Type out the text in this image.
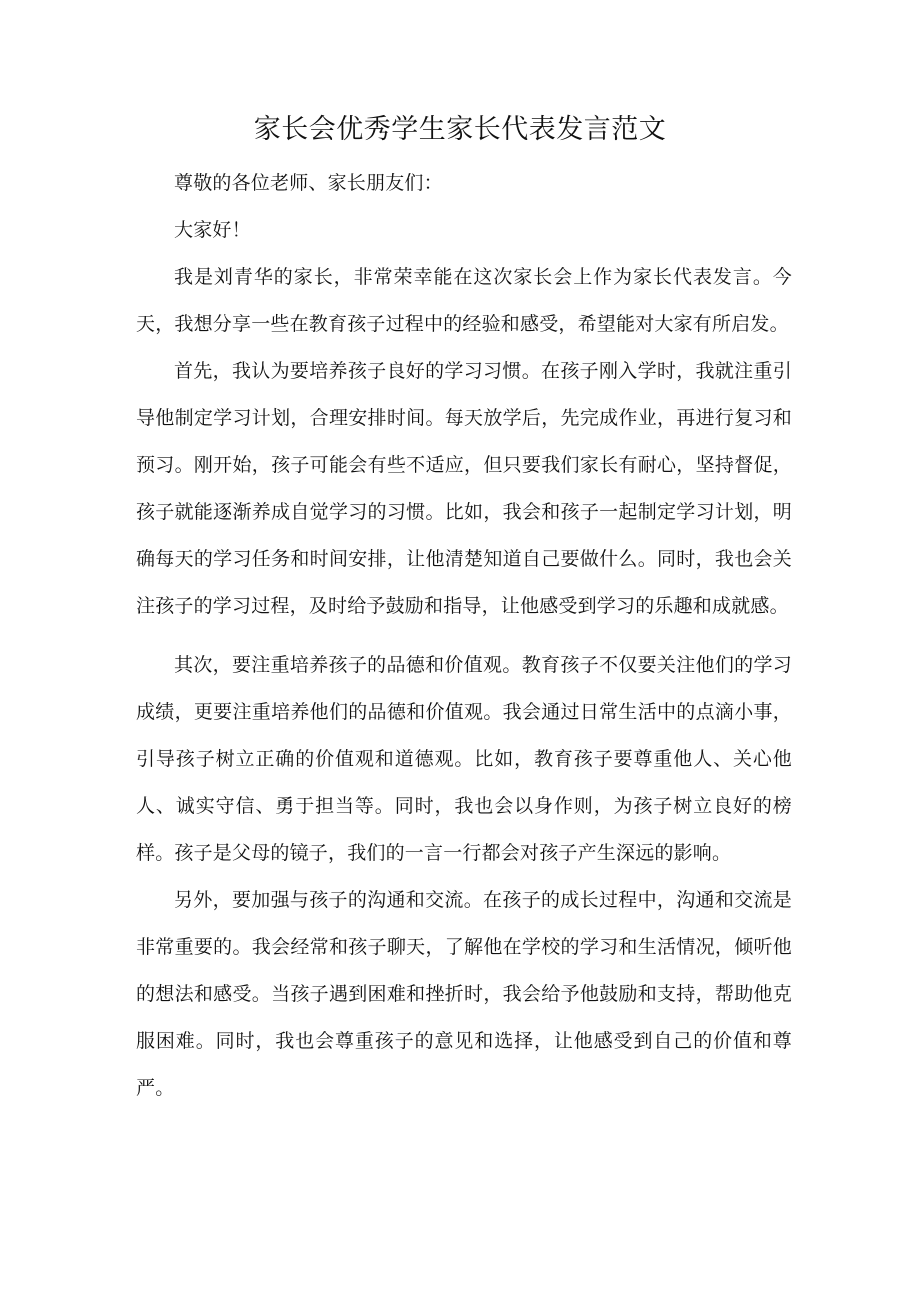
家长会优秀学生家长代表发言范文

尊敬的各位老师、家长朋友们：

大家好！

我是刘青华的家长，非常荣幸能在这次家长会上作为家长代表发言。今天，我想分享一些在教育孩子过程中的经验和感受，希望能对大家有所启发。

首先，我认为要培养孩子良好的学习习惯。在孩子刚入学时，我就注重引导他制定学习计划，合理安排时间。每天放学后，先完成作业，再进行复习和预习。刚开始，孩子可能会有些不适应，但只要我们家长有耐心，坚持督促，孩子就能逐渐养成自觉学习的习惯。比如，我会和孩子一起制定学习计划，明确每天的学习任务和时间安排，让他清楚知道自己要做什么。同时，我也会关注孩子的学习过程，及时给予鼓励和指导，让他感受到学习的乐趣和成就感。

其次，要注重培养孩子的品德和价值观。教育孩子不仅要关注他们的学习成绩，更要注重培养他们的品德和价值观。我会通过日常生活中的点滴小事，引导孩子树立正确的价值观和道德观。比如，教育孩子要尊重他人、关心他人、诚实守信、勇于担当等。同时，我也会以身作则，为孩子树立良好的榜样。孩子是父母的镜子，我们的一言一行都会对孩子产生深远的影响。

另外，要加强与孩子的沟通和交流。在孩子的成长过程中，沟通和交流是非常重要的。我会经常和孩子聊天，了解他在学校的学习和生活情况，倾听他的想法和感受。当孩子遇到困难和挫折时，我会给予他鼓励和支持，帮助他克服困难。同时，我也会尊重孩子的意见和选择，让他感受到自己的价值和尊严。
